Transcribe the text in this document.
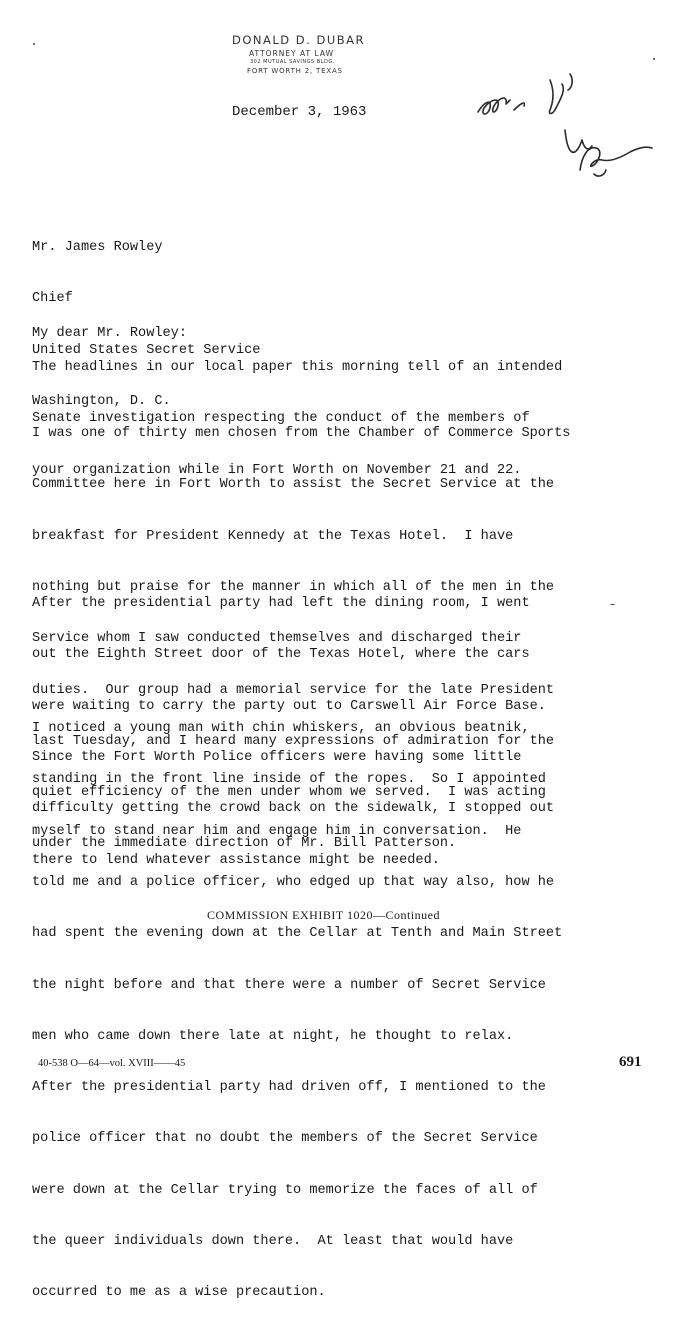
DONALD D. DUBAR
ATTORNEY AT LAW
302 MUTUAL SAVINGS BLDG.
FORT WORTH 2, TEXAS
December 3, 1963

Mr. James Rowley

Chief

United States Secret Service

Washington, D. C.

My dear Mr. Rowley:

The headlines in our local paper this morning tell of an intended

Senate investigation respecting the conduct of the members of

your organization while in Fort Worth on November 21 and 22.

I was one of thirty men chosen from the Chamber of Commerce Sports

Committee here in Fort Worth to assist the Secret Service at the

breakfast for President Kennedy at the Texas Hotel.  I have

nothing but praise for the manner in which all of the men in the

Service whom I saw conducted themselves and discharged their

duties.  Our group had a memorial service for the late President

last Tuesday, and I heard many expressions of admiration for the

quiet efficiency of the men under whom we served.  I was acting

under the immediate direction of Mr. Bill Patterson.

After the presidential party had left the dining room, I went

out the Eighth Street door of the Texas Hotel, where the cars

were waiting to carry the party out to Carswell Air Force Base.

Since the Fort Worth Police officers were having some little

difficulty getting the crowd back on the sidewalk, I stopped out

there to lend whatever assistance might be needed.

I noticed a young man with chin whiskers, an obvious beatnik,

standing in the front line inside of the ropes.  So I appointed

myself to stand near him and engage him in conversation.  He

told me and a police officer, who edged up that way also, how he

had spent the evening down at the Cellar at Tenth and Main Street

the night before and that there were a number of Secret Service

men who came down there late at night, he thought to relax.

After the presidential party had driven off, I mentioned to the

police officer that no doubt the members of the Secret Service

were down at the Cellar trying to memorize the faces of all of

the queer individuals down there.  At least that would have

occurred to me as a wise precaution.

COMMISSION EXHIBIT 1020—Continued
40-538 O—64—vol. XVIII——45	691
